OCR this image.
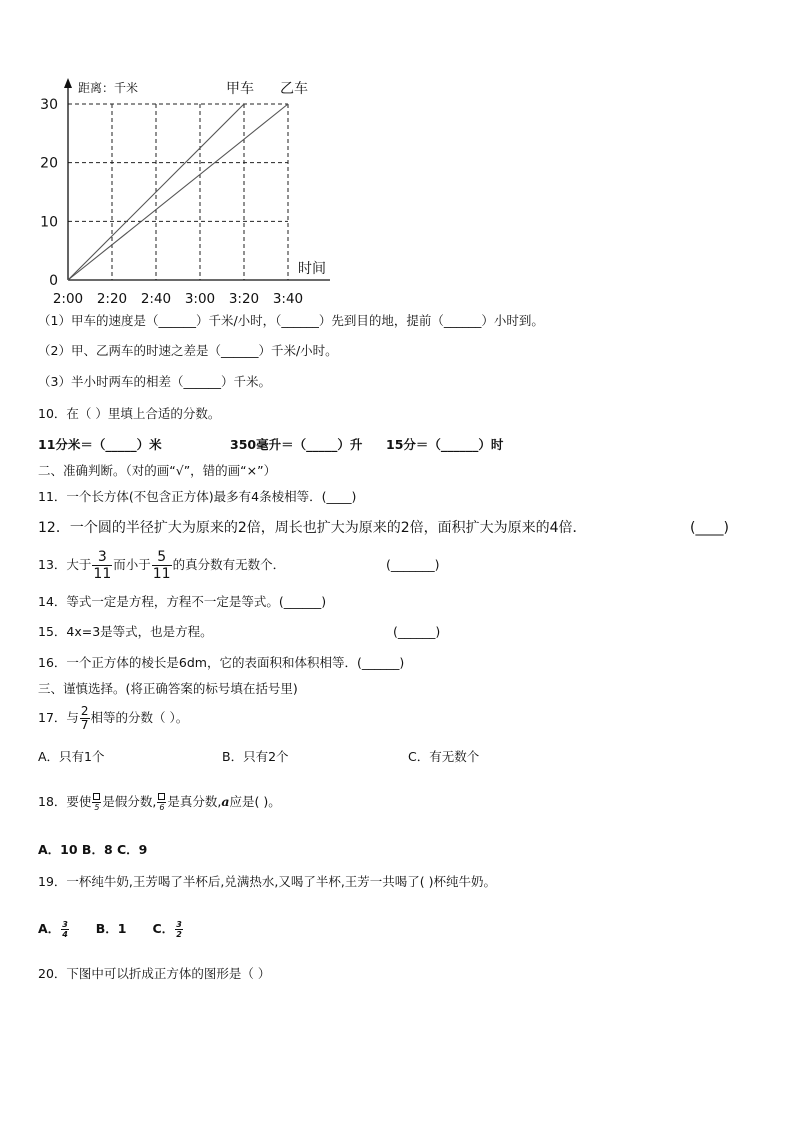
甲车 乙车
0
10
20
30
2:00 2:20 2:40 3:00 3:20 3:40
距离：千米
时间
（1）甲车的速度是（______）千米/小时，（______）先到目的地，提前（______）小时到。
（2）甲、乙两车的时速之差是（______）千米/小时。
（3）半小时两车的相差（______）千米。
10．在（ ）里填上合适的分数。
11分米＝（_____）米	350毫升＝（_____）升 15分＝（______）时
二、准确判断。（对的画“√”，错的画“×”）
11．一个长方体(不包含正方体)最多有4条棱相等．(____)
12．一个圆的半径扩大为原来的2倍，周长也扩大为原来的2倍，面积扩大为原来的4倍．	(____)
13．大于 $\frac{3}{11}$ 而小于 $\frac{5}{11}$ 的真分数有无数个．	(_______)
14．等式一定是方程，方程不一定是等式。(______)
15．4x=3是等式，也是方程。	(______)
16．一个正方体的棱长是6dm，它的表面积和体积相等．(______)
三、谨慎选择。(将正确答案的标号填在括号里)
17．与 $\frac{2}{7}$ 相等的分数（ ）。
A．只有1个	B．只有2个	C．有无数个
18．要使 5 是假分数, 6 是真分数,a应是( )。
A．10 B．8 C．9
19．一杯纯牛奶,王芳喝了半杯后,兑满热水,又喝了半杯,王芳一共喝了( )杯纯牛奶。
A． $\frac{3}{4}$ B．1 C． $\frac{3}{2}$
20．下图中可以折成正方体的图形是（ ）
